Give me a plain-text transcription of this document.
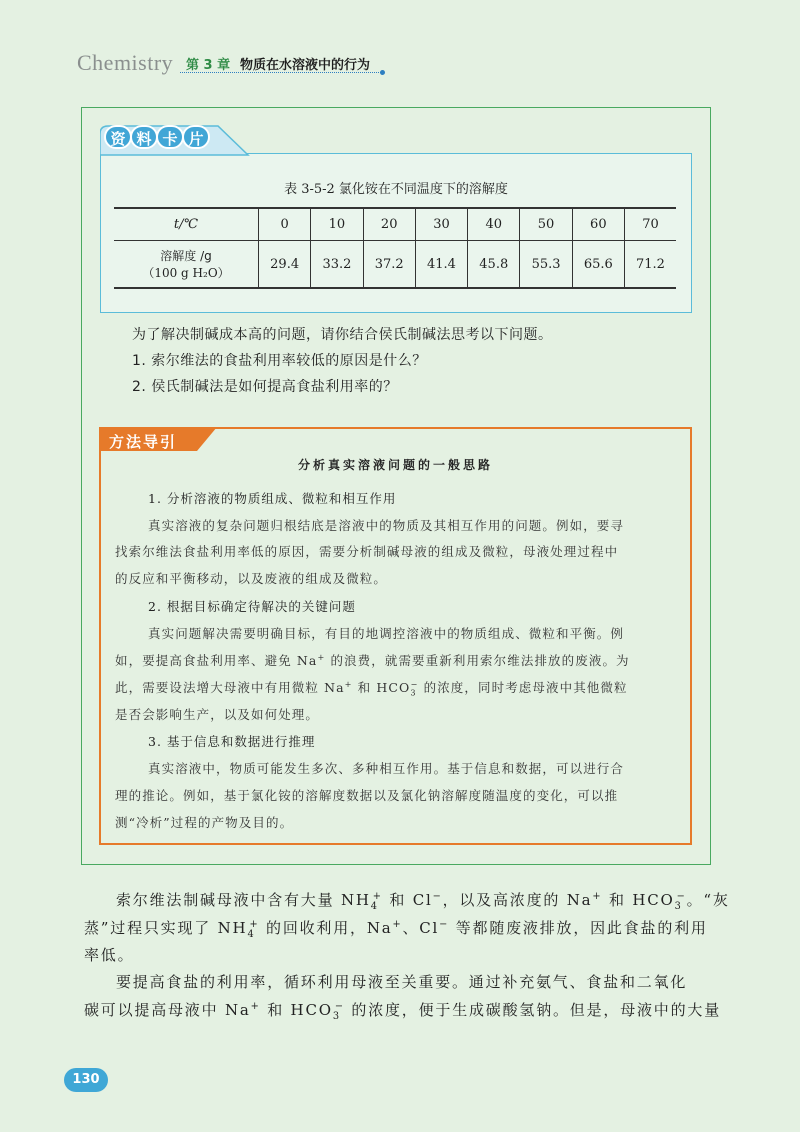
Chemistry 第 3 章 物质在水溶液中的行为
资 料 卡 片
表 3-5-2 氯化铵在不同温度下的溶解度
t/℃	0	10	20	30	40	50	60	70

溶解度 /g
（100 g H₂O）	29.4	33.2	37.2	41.4	45.8	55.3	65.6	71.2
为了解决制碱成本高的问题，请你结合侯氏制碱法思考以下问题。
1. 索尔维法的食盐利用率较低的原因是什么？
2. 侯氏制碱法是如何提高食盐利用率的？
方法导引
分析真实溶液问题的一般思路
1. 分析溶液的物质组成、微粒和相互作用
真实溶液的复杂问题归根结底是溶液中的物质及其相互作用的问题。例如，要寻
找索尔维法食盐利用率低的原因，需要分析制碱母液的组成及微粒，母液处理过程中
的反应和平衡移动，以及废液的组成及微粒。
2. 根据目标确定待解决的关键问题
真实问题解决需要明确目标，有目的地调控溶液中的物质组成、微粒和平衡。例
如，要提高食盐利用率、避免 Na+ 的浪费，就需要重新利用索尔维法排放的废液。为
此，需要设法增大母液中有用微粒 Na+ 和 $HCO_3^-$ 的浓度，同时考虑母液中其他微粒
是否会影响生产，以及如何处理。
3. 基于信息和数据进行推理
真实溶液中，物质可能发生多次、多种相互作用。基于信息和数据，可以进行合
理的推论。例如，基于氯化铵的溶解度数据以及氯化钠溶解度随温度的变化，可以推
测“冷析”过程的产物及目的。
索尔维法制碱母液中含有大量 $NH_4^+$ 和 Cl−，以及高浓度的 Na+ 和 $HCO_3^-$。“灰
蒸”过程只实现了 $NH_4^+$ 的回收利用，Na+、Cl− 等都随废液排放，因此食盐的利用
率低。
要提高食盐的利用率，循环利用母液至关重要。通过补充氨气、食盐和二氧化
碳可以提高母液中 Na+ 和 $HCO_3^-$ 的浓度，便于生成碳酸氢钠。但是，母液中的大量
130
